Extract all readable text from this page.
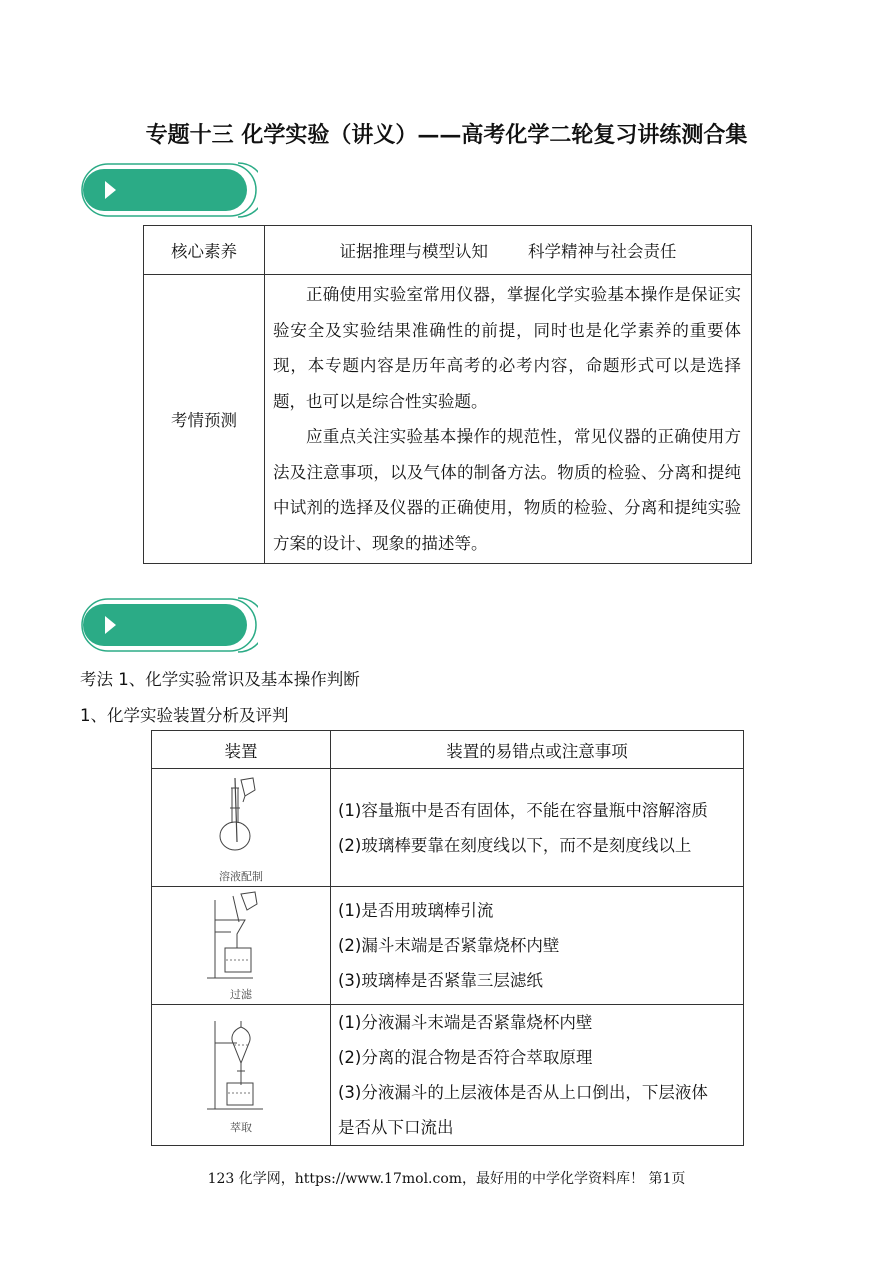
专题十三 化学实验（讲义）——高考化学二轮复习讲练测合集
核心素养	证据推理与模型认知 科学精神与社会责任
考情预测	正确使用实验室常用仪器，掌握化学实验基本操作是保证实验安全及实验结果准确性的前提，同时也是化学素养的重要体现，本专题内容是历年高考的必考内容，命题形式可以是选择题，也可以是综合性实验题。

应重点关注实验基本操作的规范性，常见仪器的正确使用方法及注意事项，以及气体的制备方法。物质的检验、分离和提纯中试剂的选择及仪器的正确使用，物质的检验、分离和提纯实验方案的设计、现象的描述等。

考法 1、化学实验常识及基本操作判断
1、化学实验装置分析及评判
装置	装置的易错点或注意事项

溶液配制	(1)容量瓶中是否有固体，不能在容量瓶中溶解溶质
(2)玻璃棒要靠在刻度线以下，而不是刻度线以上

过滤	(1)是否用玻璃棒引流
(2)漏斗末端是否紧靠烧杯内壁
(3)玻璃棒是否紧靠三层滤纸

萃取	(1)分液漏斗末端是否紧靠烧杯内壁
(2)分离的混合物是否符合萃取原理
(3)分液漏斗的上层液体是否从上口倒出，下层液体
是否从下口流出
123 化学网，https://www.17mol.com，最好用的中学化学资料库！ 第1页
